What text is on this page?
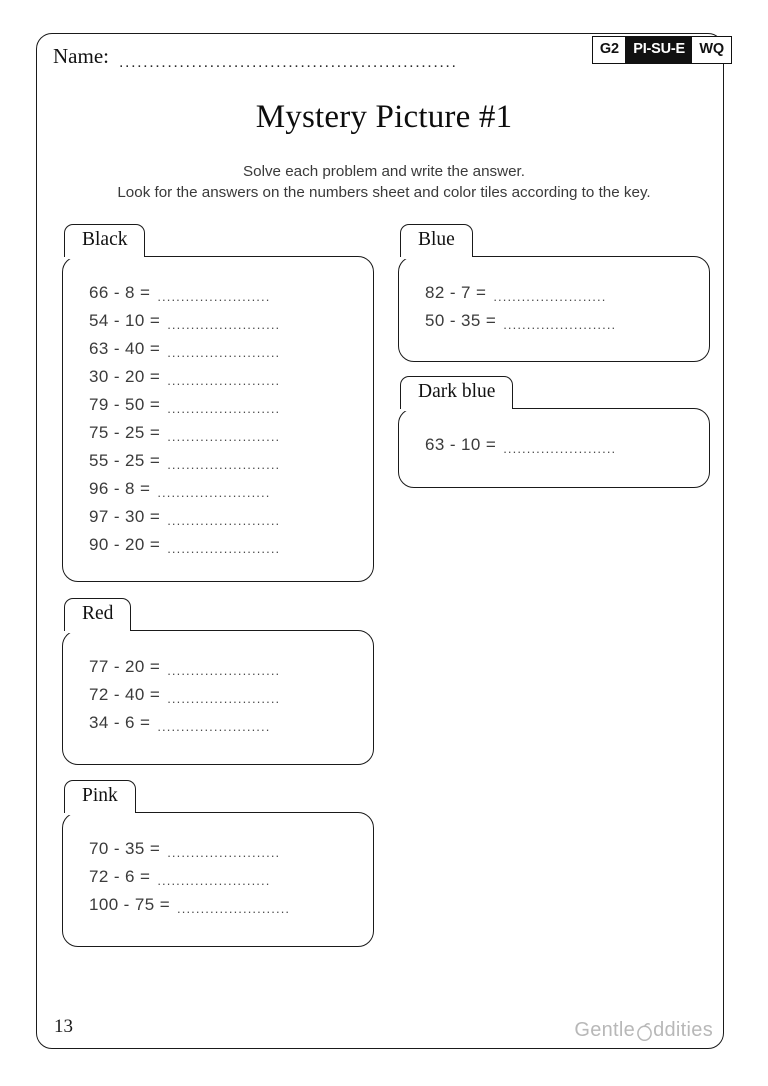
G2 PI-SU-E WQ
Name: ........................................................
Mystery Picture #1
Solve each problem and write the answer.
Look for the answers on the numbers sheet and color tiles according to the key.
Black
66 - 8 = ........................
54 - 10 = ........................
63 - 40 = ........................
30 - 20 = ........................
79 - 50 = ........................
75 - 25 = ........................
55 - 25 = ........................
96 - 8 = ........................
97 - 30 = ........................
90 - 20 = ........................
Blue
82 - 7 = ........................
50 - 35 = ........................
Dark blue
63 - 10 = ........................
Red
77 - 20 = ........................
72 - 40 = ........................
34 - 6 = ........................
Pink
70 - 35 = ........................
72 - 6 = ........................
100 - 75 = ........................
13	Gentle ddities
